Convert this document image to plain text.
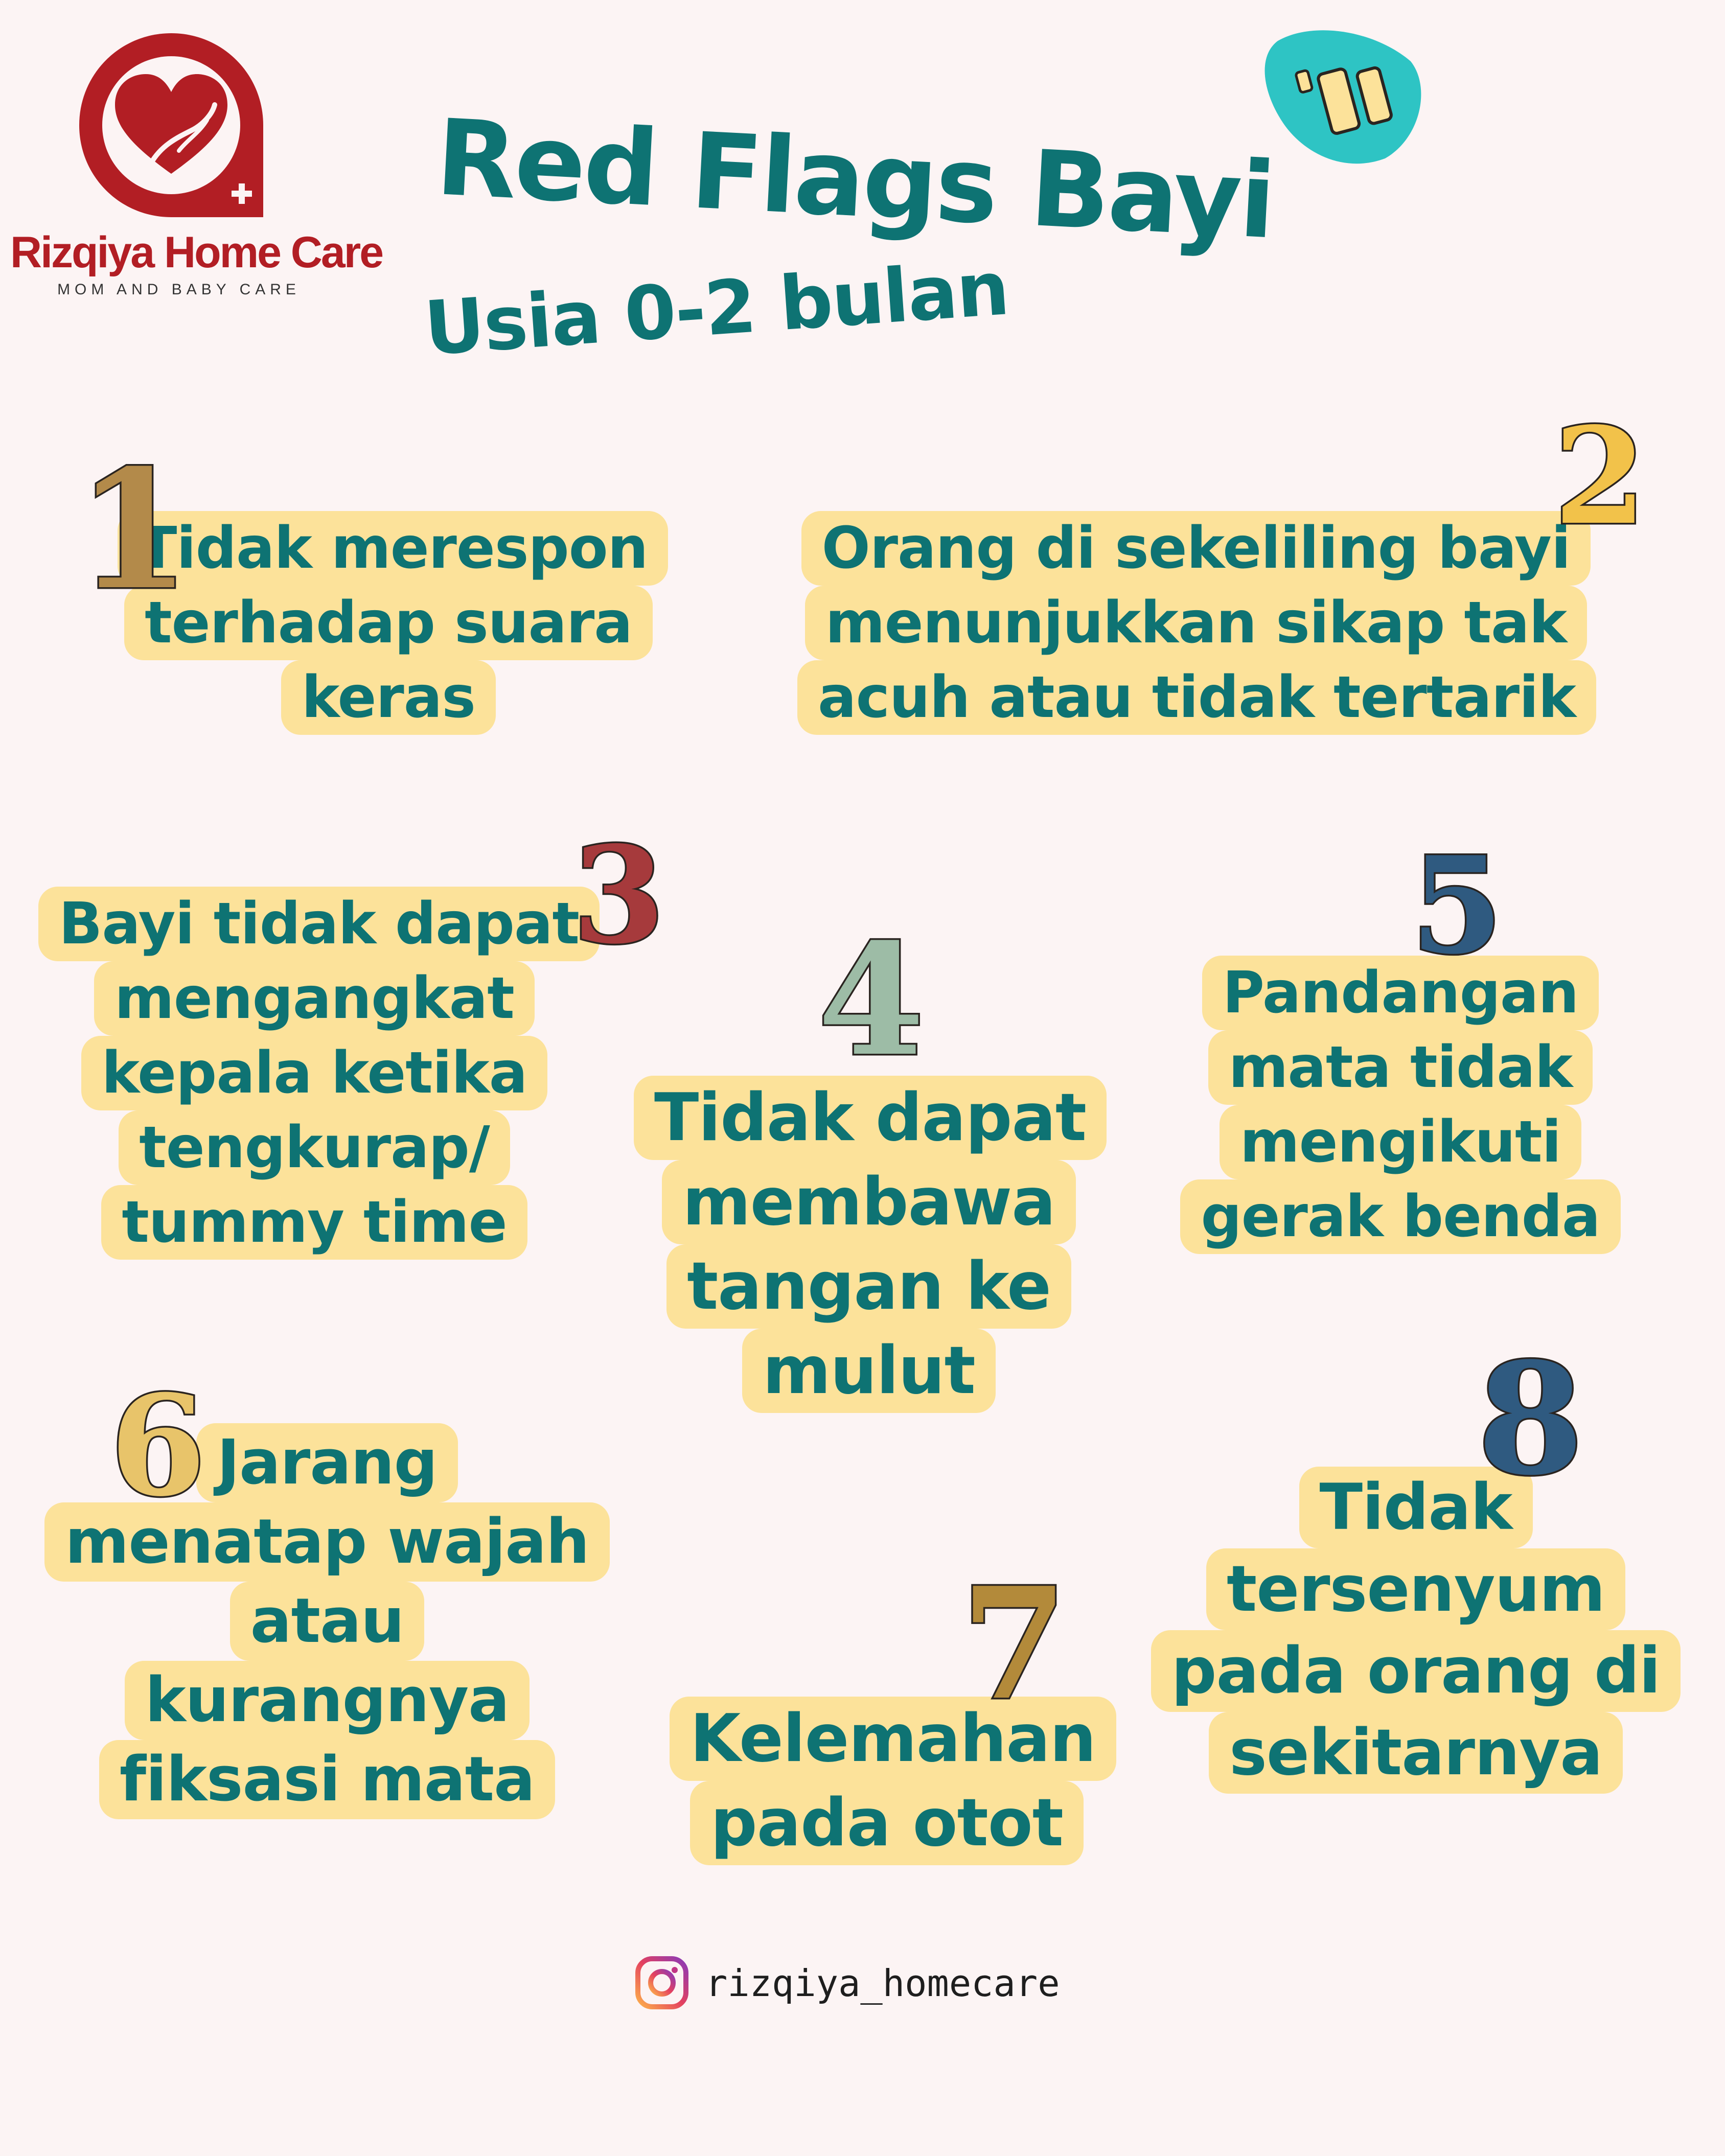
Rizqiya Home Care
MOM AND BABY CARE
Red Flags Bayi
Usia 0-2 bulan
Tidak merespon
terhadap suara
keras
1	Orang di sekeliling bayi
menunjukkan sikap tak
acuh atau tidak tertarik
2
Bayi tidak dapat
mengangkat
kepala ketika
tengkurap/
tummy time
3
Tidak dapat
membawa
tangan ke
mulut
4	Pandangan
mata tidak
mengikuti
gerak benda
5
Jarang
menatap wajah
atau
kurangnya
fiksasi mata
6
Kelemahan
pada otot
7
Tidak
tersenyum
pada orang di
sekitarnya
8
rizqiya_homecare
